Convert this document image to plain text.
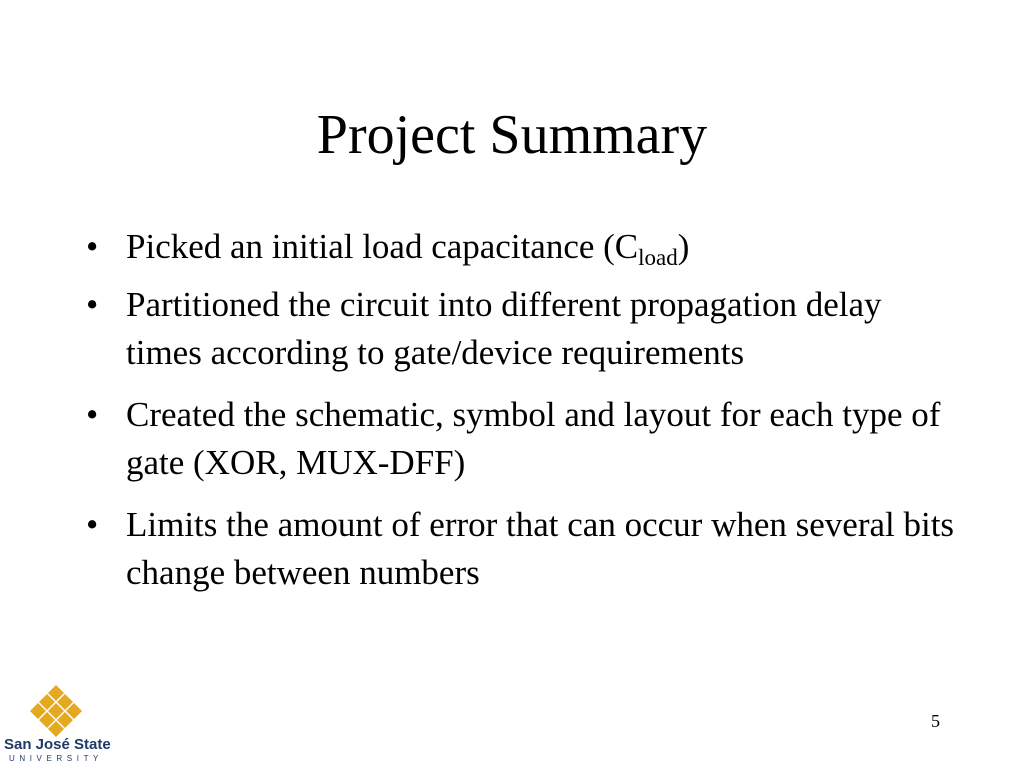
Project Summary
• Picked an initial load capacitance $(C_{load})$
• Partitioned the circuit into different propagation delay times according to gate/device requirements
• Created the schematic, symbol and layout for each type of gate (XOR, MUX-DFF)
• Limits the amount of error that can occur when several bits change between numbers
5
San José State
UNIVERSITY
